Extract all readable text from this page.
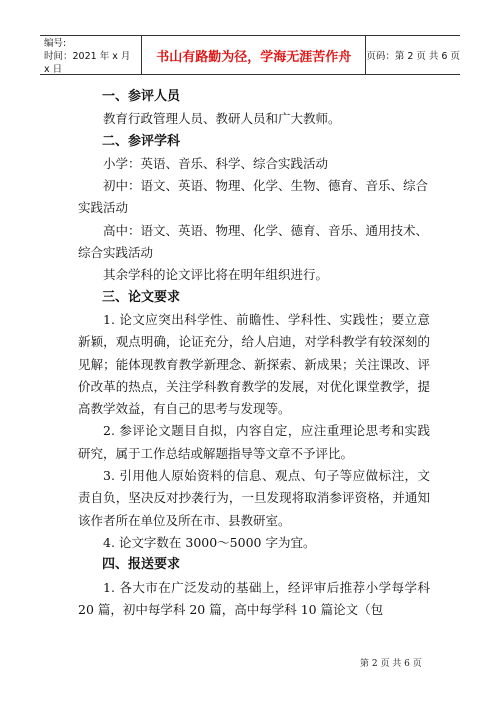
编号:
时间：2021 年 x 月 x 日
书山有路勤为径，学海无涯苦作舟	页码：第 2 页 共 6 页

一、参评人员

教育行政管理人员、教研人员和广大教师。

二、参评学科

小学：英语、音乐、科学、综合实践活动

初中：语文、英语、物理、化学、生物、德育、音乐、综合实践活动

高中：语文、英语、物理、化学、德育、音乐、通用技术、综合实践活动

其余学科的论文评比将在明年组织进行。

三、论文要求

1. 论文应突出科学性、前瞻性、学科性、实践性；要立意新颖，观点明确，论证充分，给人启迪，对学科教学有较深刻的见解；能体现教育教学新理念、新探索、新成果；关注课改、评价改革的热点，关注学科教育教学的发展，对优化课堂教学，提高教学效益，有自己的思考与发现等。

2. 参评论文题目自拟，内容自定，应注重理论思考和实践研究，属于工作总结或解题指导等文章不予评比。

3. 引用他人原始资料的信息、观点、句子等应做标注，文责自负，坚决反对抄袭行为，一旦发现将取消参评资格，并通知该作者所在单位及所在市、县教研室。

4. 论文字数在 3000～5000 字为宜。

四、报送要求

1. 各大市在广泛发动的基础上，经评审后推荐小学每学科 20 篇，初中每学科 20 篇，高中每学科 10 篇论文（包

第 2 页 共 6 页
